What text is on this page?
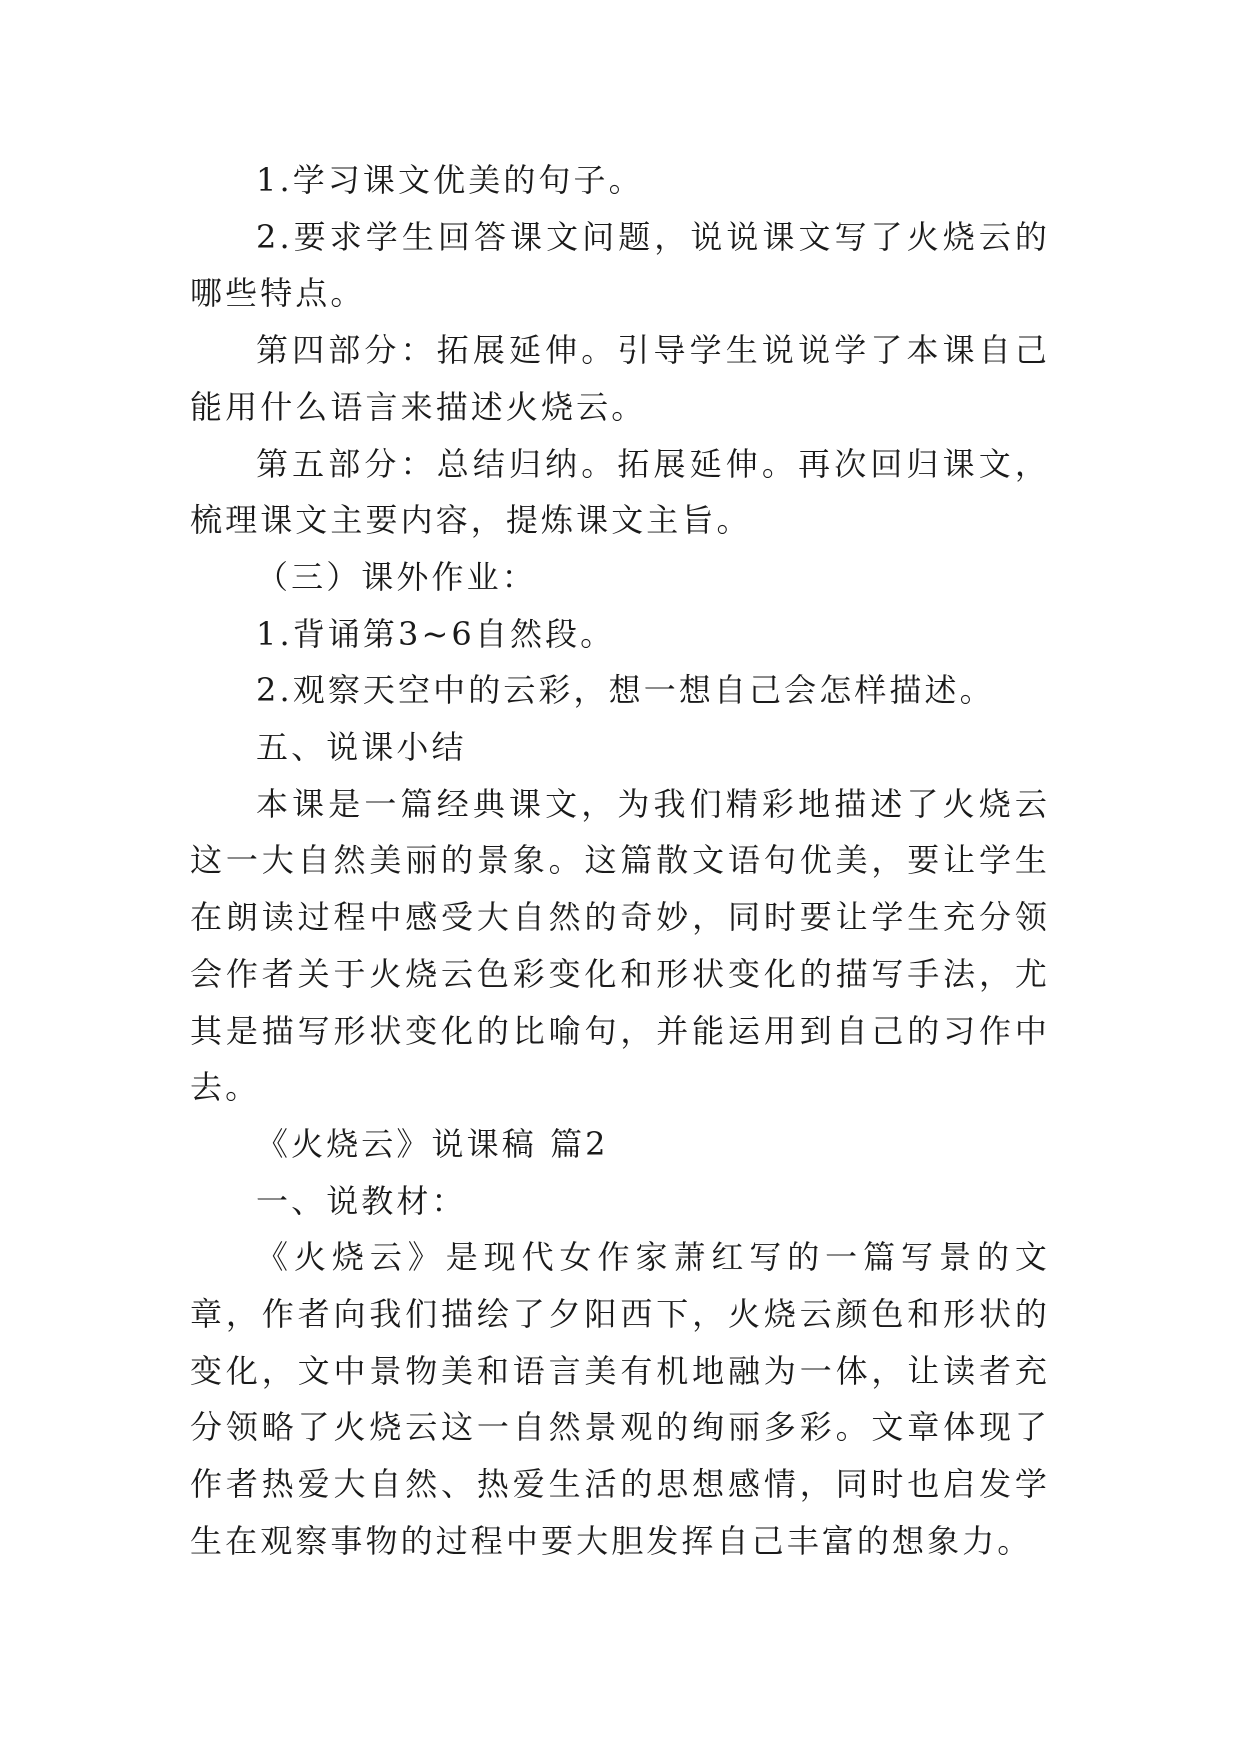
1.学习课文优美的句子。

2.要求学生回答课文问题，说说课文写了火烧云的哪些特点。

第四部分：拓展延伸。引导学生说说学了本课自己能用什么语言来描述火烧云。

第五部分：总结归纳。拓展延伸。再次回归课文，梳理课文主要内容，提炼课文主旨。

（三）课外作业：

1.背诵第3~6自然段。

2.观察天空中的云彩，想一想自己会怎样描述。

五、说课小结

本课是一篇经典课文，为我们精彩地描述了火烧云这一大自然美丽的景象。这篇散文语句优美，要让学生在朗读过程中感受大自然的奇妙，同时要让学生充分领会作者关于火烧云色彩变化和形状变化的描写手法，尤其是描写形状变化的比喻句，并能运用到自己的习作中去。

《火烧云》说课稿 篇2

一、说教材：

《火烧云》是现代女作家萧红写的一篇写景的文章，作者向我们描绘了夕阳西下，火烧云颜色和形状的变化，文中景物美和语言美有机地融为一体，让读者充分领略了火烧云这一自然景观的绚丽多彩。文章体现了作者热爱大自然、热爱生活的思想感情，同时也启发学生在观察事物的过程中要大胆发挥自己丰富的想象力。
